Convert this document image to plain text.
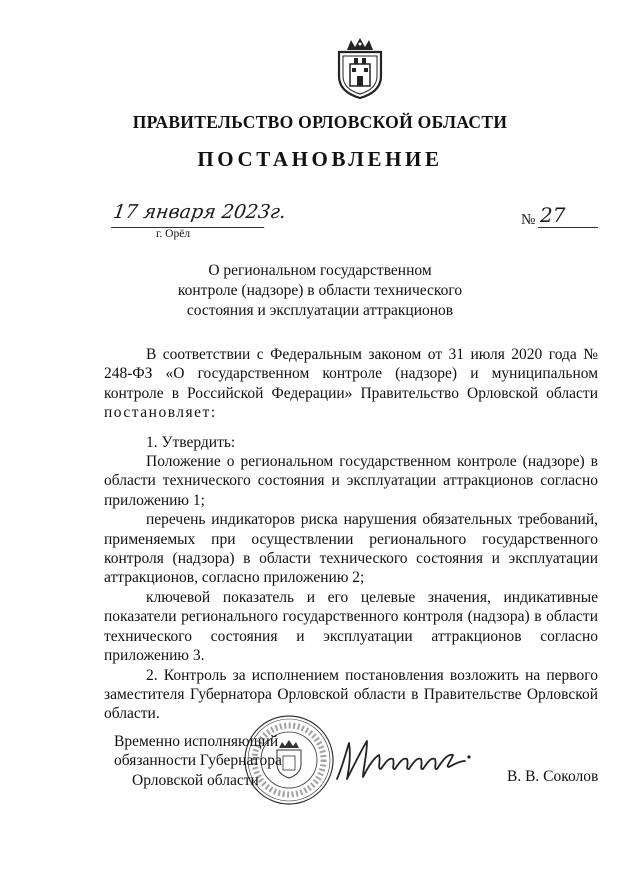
ПРАВИТЕЛЬСТВО ОРЛОВСКОЙ ОБЛАСТИ
ПОСТАНОВЛЕНИЕ
17 января 2023г.
г. Орёл
№ 27
О региональном государственном
контроле (надзоре) в области технического
состояния и эксплуатации аттракционов

В соответствии с Федеральным законом от 31 июля 2020 года № 248-ФЗ «О государственном контроле (надзоре) и муниципальном контроле в Российской Федерации» Правительство Орловской области постановляет:

1. Утвердить:

Положение о региональном государственном контроле (надзоре) в области технического состояния и эксплуатации аттракционов согласно приложению 1;

перечень индикаторов риска нарушения обязательных требований, применяемых при осуществлении регионального государственного контроля (надзора) в области технического состояния и эксплуатации аттракционов, согласно приложению 2;

ключевой показатель и его целевые значения, индикативные показатели регионального государственного контроля (надзора) в области технического состояния и эксплуатации аттракционов согласно приложению 3.

2. Контроль за исполнением постановления возложить на первого заместителя Губернатора Орловской области в Правительстве Орловской области.

Временно исполняющий
обязанности Губернатора
Орловской области	В. В. Соколов
